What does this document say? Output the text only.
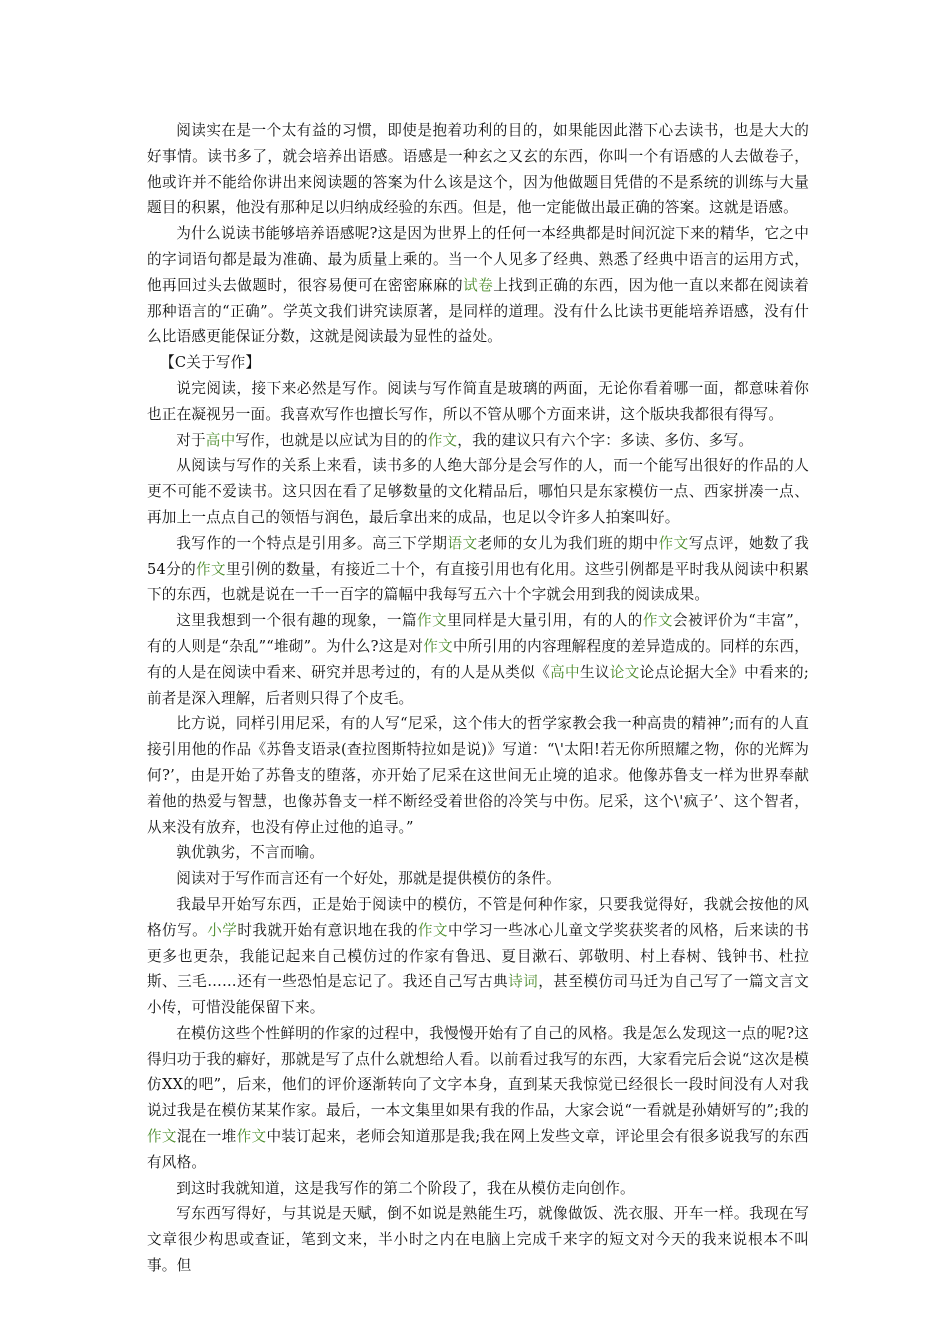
阅读实在是一个太有益的习惯，即使是抱着功利的目的，如果能因此潜下心去读书，也是大大的好事情。读书多了，就会培养出语感。语感是一种玄之又玄的东西，你叫一个有语感的人去做卷子，他或许并不能给你讲出来阅读题的答案为什么该是这个，因为他做题目凭借的不是系统的训练与大量题目的积累，他没有那种足以归纳成经验的东西。但是，他一定能做出最正确的答案。这就是语感。

为什么说读书能够培养语感呢?这是因为世界上的任何一本经典都是时间沉淀下来的精华，它之中的字词语句都是最为准确、最为质量上乘的。当一个人见多了经典、熟悉了经典中语言的运用方式，他再回过头去做题时，很容易便可在密密麻麻的试卷上找到正确的东西，因为他一直以来都在阅读着那种语言的“正确”。学英文我们讲究读原著，是同样的道理。没有什么比读书更能培养语感，没有什么比语感更能保证分数，这就是阅读最为显性的益处。

【C关于写作】

说完阅读，接下来必然是写作。阅读与写作简直是玻璃的两面，无论你看着哪一面，都意味着你也正在凝视另一面。我喜欢写作也擅长写作，所以不管从哪个方面来讲，这个版块我都很有得写。

对于高中写作，也就是以应试为目的的作文，我的建议只有六个字：多读、多仿、多写。

从阅读与写作的关系上来看，读书多的人绝大部分是会写作的人，而一个能写出很好的作品的人更不可能不爱读书。这只因在看了足够数量的文化精品后，哪怕只是东家模仿一点、西家拼凑一点、再加上一点点自己的领悟与润色，最后拿出来的成品，也足以令许多人拍案叫好。

我写作的一个特点是引用多。高三下学期语文老师的女儿为我们班的期中作文写点评，她数了我54分的作文里引例的数量，有接近二十个，有直接引用也有化用。这些引例都是平时我从阅读中积累下的东西，也就是说在一千一百字的篇幅中我每写五六十个字就会用到我的阅读成果。

这里我想到一个很有趣的现象，一篇作文里同样是大量引用，有的人的作文会被评价为“丰富”，有的人则是“杂乱”“堆砌”。为什么?这是对作文中所引用的内容理解程度的差异造成的。同样的东西，有的人是在阅读中看来、研究并思考过的，有的人是从类似《高中生议论文论点论据大全》中看来的;前者是深入理解，后者则只得了个皮毛。

比方说，同样引用尼采，有的人写“尼采，这个伟大的哲学家教会我一种高贵的精神”;而有的人直接引用他的作品《苏鲁支语录(查拉图斯特拉如是说)》写道：“\'太阳!若无你所照耀之物，你的光辉为何?’，由是开始了苏鲁支的堕落，亦开始了尼采在这世间无止境的追求。他像苏鲁支一样为世界奉献着他的热爱与智慧，也像苏鲁支一样不断经受着世俗的冷笑与中伤。尼采，这个\'疯子’、这个智者，从来没有放弃，也没有停止过他的追寻。”

孰优孰劣，不言而喻。

阅读对于写作而言还有一个好处，那就是提供模仿的条件。

我最早开始写东西，正是始于阅读中的模仿，不管是何种作家，只要我觉得好，我就会按他的风格仿写。小学时我就开始有意识地在我的作文中学习一些冰心儿童文学奖获奖者的风格，后来读的书更多也更杂，我能记起来自己模仿过的作家有鲁迅、夏目漱石、郭敬明、村上春树、钱钟书、杜拉斯、三毛……还有一些恐怕是忘记了。我还自己写古典诗词，甚至模仿司马迁为自己写了一篇文言文小传，可惜没能保留下来。

在模仿这些个性鲜明的作家的过程中，我慢慢开始有了自己的风格。我是怎么发现这一点的呢?这得归功于我的癖好，那就是写了点什么就想给人看。以前看过我写的东西，大家看完后会说“这次是模仿XX的吧”，后来，他们的评价逐渐转向了文字本身，直到某天我惊觉已经很长一段时间没有人对我说过我是在模仿某某作家。最后，一本文集里如果有我的作品，大家会说“一看就是孙婧妍写的”;我的作文混在一堆作文中装订起来，老师会知道那是我;我在网上发些文章，评论里会有很多说我写的东西有风格。

到这时我就知道，这是我写作的第二个阶段了，我在从模仿走向创作。

写东西写得好，与其说是天赋，倒不如说是熟能生巧，就像做饭、洗衣服、开车一样。我现在写文章很少构思或查证，笔到文来，半小时之内在电脑上完成千来字的短文对今天的我来说根本不叫事。但
